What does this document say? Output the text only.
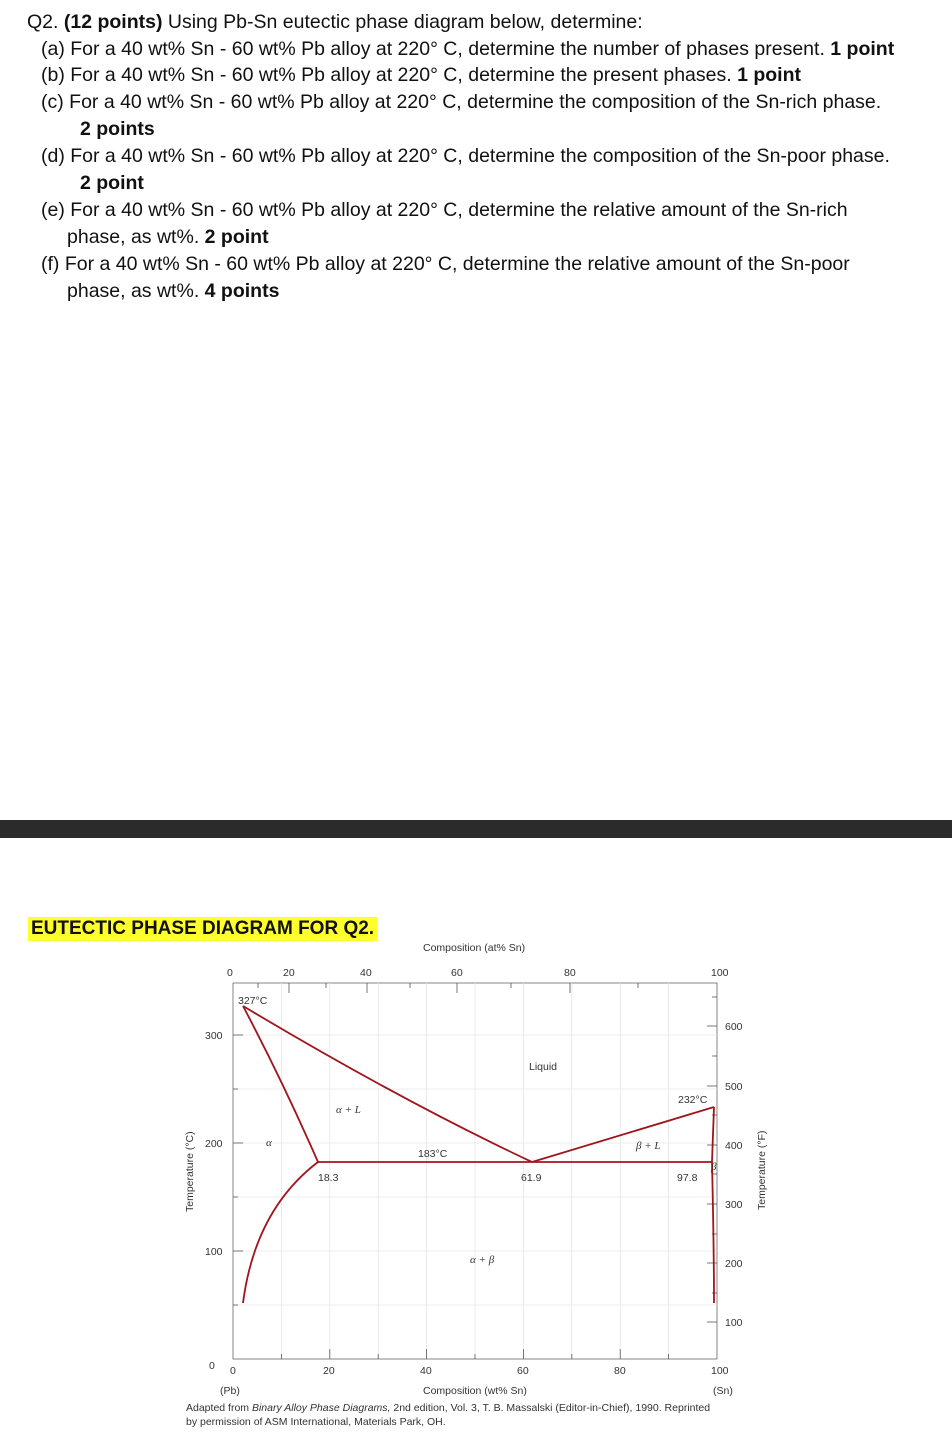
Q2. (12 points) Using Pb-Sn eutectic phase diagram below, determine:
(a) For a 40 wt% Sn - 60 wt% Pb alloy at 220° C, determine the number of phases present. 1 point
(b) For a 40 wt% Sn - 60 wt% Pb alloy at 220° C, determine the present phases. 1 point
(c) For a 40 wt% Sn - 60 wt% Pb alloy at 220° C, determine the composition of the Sn-rich phase.
2 points
(d) For a 40 wt% Sn - 60 wt% Pb alloy at 220° C, determine the composition of the Sn-poor phase.
2 point
(e) For a 40 wt% Sn - 60 wt% Pb alloy at 220° C, determine the relative amount of the Sn-rich
phase, as wt%. 2 point
(f) For a 40 wt% Sn - 60 wt% Pb alloy at 220° C, determine the relative amount of the Sn-poor
phase, as wt%. 4 points
EUTECTIC PHASE DIAGRAM FOR Q2.
0	20	40	60	80	100
(Pb)	(Sn)
Composition (wt% Sn)
Composition (at% Sn)
0	20	40	60	80	100
0
100
200
300
Temperature (°C)
100
200
300
400
500
600
Temperature (°F)
327°C
232°C
183°C
18.3	61.9	97.8
Liquid
α + L
α	β + L
β
α + β
Adapted from Binary Alloy Phase Diagrams, 2nd edition, Vol. 3, T. B. Massalski (Editor-in-Chief), 1990. Reprinted
by permission of ASM International, Materials Park, OH.
